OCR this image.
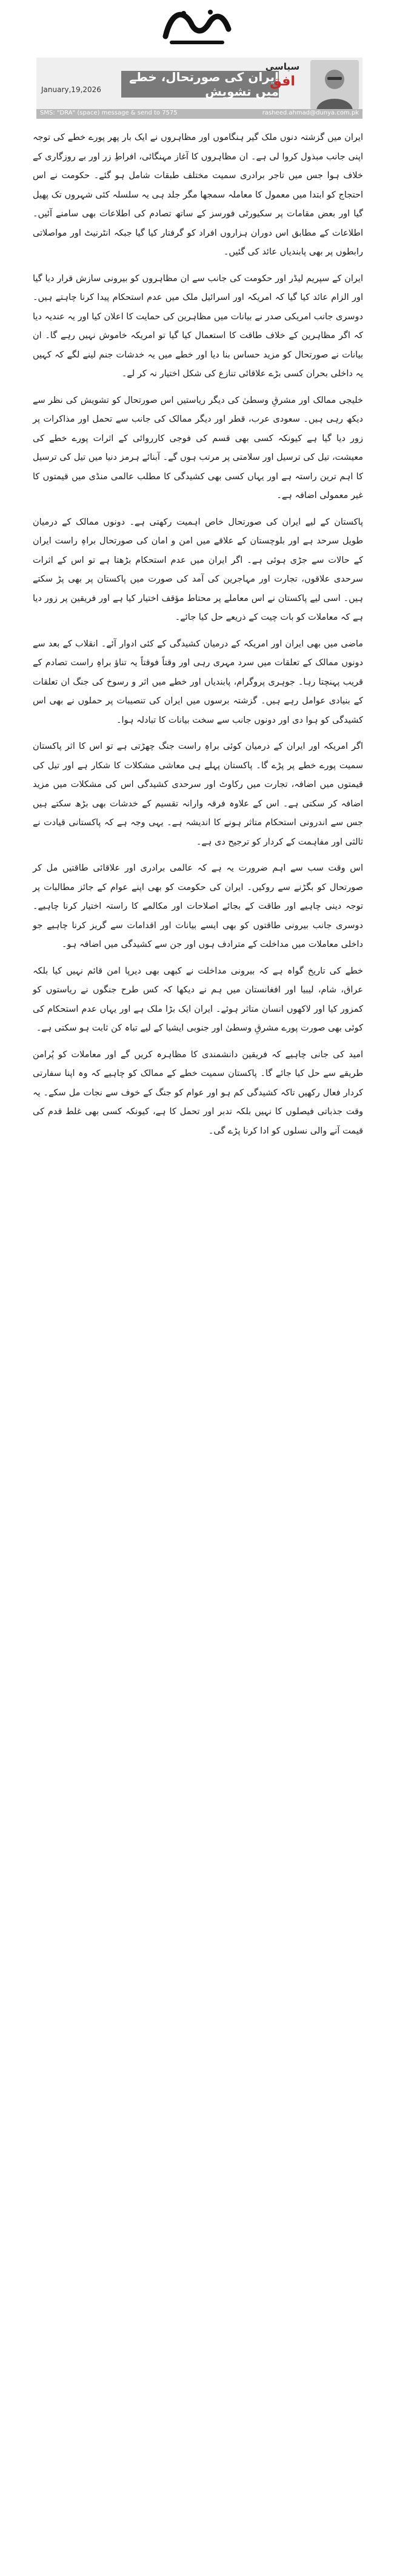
January,19,2026
ایران کی صورتحال، خطے میں تشویش
سیاسی
افق
SMS: "DRA" (space) message & send to 7575	rasheed.ahmad@dunya.com.pk

ایران میں گزشتہ دنوں ملک گیر ہنگاموں اور مظاہروں نے ایک بار پھر پورے خطے کی توجہ اپنی جانب مبذول کروا لی ہے۔ ان مظاہروں کا آغاز مہنگائی، افراطِ زر اور بے روزگاری کے خلاف ہوا جس میں تاجر برادری سمیت مختلف طبقات شامل ہو گئے۔ حکومت نے اس احتجاج کو ابتدا میں معمول کا معاملہ سمجھا مگر جلد ہی یہ سلسلہ کئی شہروں تک پھیل گیا اور بعض مقامات پر سکیورٹی فورسز کے ساتھ تصادم کی اطلاعات بھی سامنے آئیں۔ اطلاعات کے مطابق اس دوران ہزاروں افراد کو گرفتار کیا گیا جبکہ انٹرنیٹ اور مواصلاتی رابطوں پر بھی پابندیاں عائد کی گئیں۔

ایران کے سپریم لیڈر اور حکومت کی جانب سے ان مظاہروں کو بیرونی سازش قرار دیا گیا اور الزام عائد کیا گیا کہ امریکہ اور اسرائیل ملک میں عدم استحکام پیدا کرنا چاہتے ہیں۔ دوسری جانب امریکی صدر نے بیانات میں مظاہرین کی حمایت کا اعلان کیا اور یہ عندیہ دیا کہ اگر مظاہرین کے خلاف طاقت کا استعمال کیا گیا تو امریکہ خاموش نہیں رہے گا۔ ان بیانات نے صورتحال کو مزید حساس بنا دیا اور خطے میں یہ خدشات جنم لینے لگے کہ کہیں یہ داخلی بحران کسی بڑے علاقائی تنازع کی شکل اختیار نہ کر لے۔

خلیجی ممالک اور مشرقِ وسطیٰ کی دیگر ریاستیں اس صورتحال کو تشویش کی نظر سے دیکھ رہی ہیں۔ سعودی عرب، قطر اور دیگر ممالک کی جانب سے تحمل اور مذاکرات پر زور دیا گیا ہے کیونکہ کسی بھی قسم کی فوجی کارروائی کے اثرات پورے خطے کی معیشت، تیل کی ترسیل اور سلامتی پر مرتب ہوں گے۔ آبنائے ہرمز دنیا میں تیل کی ترسیل کا اہم ترین راستہ ہے اور یہاں کسی بھی کشیدگی کا مطلب عالمی منڈی میں قیمتوں کا غیر معمولی اضافہ ہے۔

پاکستان کے لیے ایران کی صورتحال خاص اہمیت رکھتی ہے۔ دونوں ممالک کے درمیان طویل سرحد ہے اور بلوچستان کے علاقے میں امن و امان کی صورتحال براہِ راست ایران کے حالات سے جڑی ہوئی ہے۔ اگر ایران میں عدم استحکام بڑھتا ہے تو اس کے اثرات سرحدی علاقوں، تجارت اور مہاجرین کی آمد کی صورت میں پاکستان پر بھی پڑ سکتے ہیں۔ اسی لیے پاکستان نے اس معاملے پر محتاط مؤقف اختیار کیا ہے اور فریقین پر زور دیا ہے کہ معاملات کو بات چیت کے ذریعے حل کیا جائے۔

ماضی میں بھی ایران اور امریکہ کے درمیان کشیدگی کے کئی ادوار آئے۔ انقلاب کے بعد سے دونوں ممالک کے تعلقات میں سرد مہری رہی اور وقتاً فوقتاً یہ تناؤ براہِ راست تصادم کے قریب پہنچتا رہا۔ جوہری پروگرام، پابندیاں اور خطے میں اثر و رسوخ کی جنگ ان تعلقات کے بنیادی عوامل رہے ہیں۔ گزشتہ برسوں میں ایران کی تنصیبات پر حملوں نے بھی اس کشیدگی کو ہوا دی اور دونوں جانب سے سخت بیانات کا تبادلہ ہوا۔

اگر امریکہ اور ایران کے درمیان کوئی براہِ راست جنگ چھڑتی ہے تو اس کا اثر پاکستان سمیت پورے خطے پر پڑے گا۔ پاکستان پہلے ہی معاشی مشکلات کا شکار ہے اور تیل کی قیمتوں میں اضافہ، تجارت میں رکاوٹ اور سرحدی کشیدگی اس کی مشکلات میں مزید اضافہ کر سکتی ہے۔ اس کے علاوہ فرقہ وارانہ تقسیم کے خدشات بھی بڑھ سکتے ہیں جس سے اندرونی استحکام متاثر ہونے کا اندیشہ ہے۔ یہی وجہ ہے کہ پاکستانی قیادت نے ثالثی اور مفاہمت کے کردار کو ترجیح دی ہے۔

اس وقت سب سے اہم ضرورت یہ ہے کہ عالمی برادری اور علاقائی طاقتیں مل کر صورتحال کو بگڑنے سے روکیں۔ ایران کی حکومت کو بھی اپنے عوام کے جائز مطالبات پر توجہ دینی چاہیے اور طاقت کے بجائے اصلاحات اور مکالمے کا راستہ اختیار کرنا چاہیے۔ دوسری جانب بیرونی طاقتوں کو بھی ایسے بیانات اور اقدامات سے گریز کرنا چاہیے جو داخلی معاملات میں مداخلت کے مترادف ہوں اور جن سے کشیدگی میں اضافہ ہو۔

خطے کی تاریخ گواہ ہے کہ بیرونی مداخلت نے کبھی بھی دیرپا امن قائم نہیں کیا بلکہ عراق، شام، لیبیا اور افغانستان میں ہم نے دیکھا کہ کس طرح جنگوں نے ریاستوں کو کمزور کیا اور لاکھوں انسان متاثر ہوئے۔ ایران ایک بڑا ملک ہے اور یہاں عدم استحکام کی کوئی بھی صورت پورے مشرقِ وسطیٰ اور جنوبی ایشیا کے لیے تباہ کن ثابت ہو سکتی ہے۔

امید کی جانی چاہیے کہ فریقین دانشمندی کا مظاہرہ کریں گے اور معاملات کو پُرامن طریقے سے حل کیا جائے گا۔ پاکستان سمیت خطے کے ممالک کو چاہیے کہ وہ اپنا سفارتی کردار فعال رکھیں تاکہ کشیدگی کم ہو اور عوام کو جنگ کے خوف سے نجات مل سکے۔ یہ وقت جذباتی فیصلوں کا نہیں بلکہ تدبر اور تحمل کا ہے، کیونکہ کسی بھی غلط قدم کی قیمت آنے والی نسلوں کو ادا کرنا پڑے گی۔
